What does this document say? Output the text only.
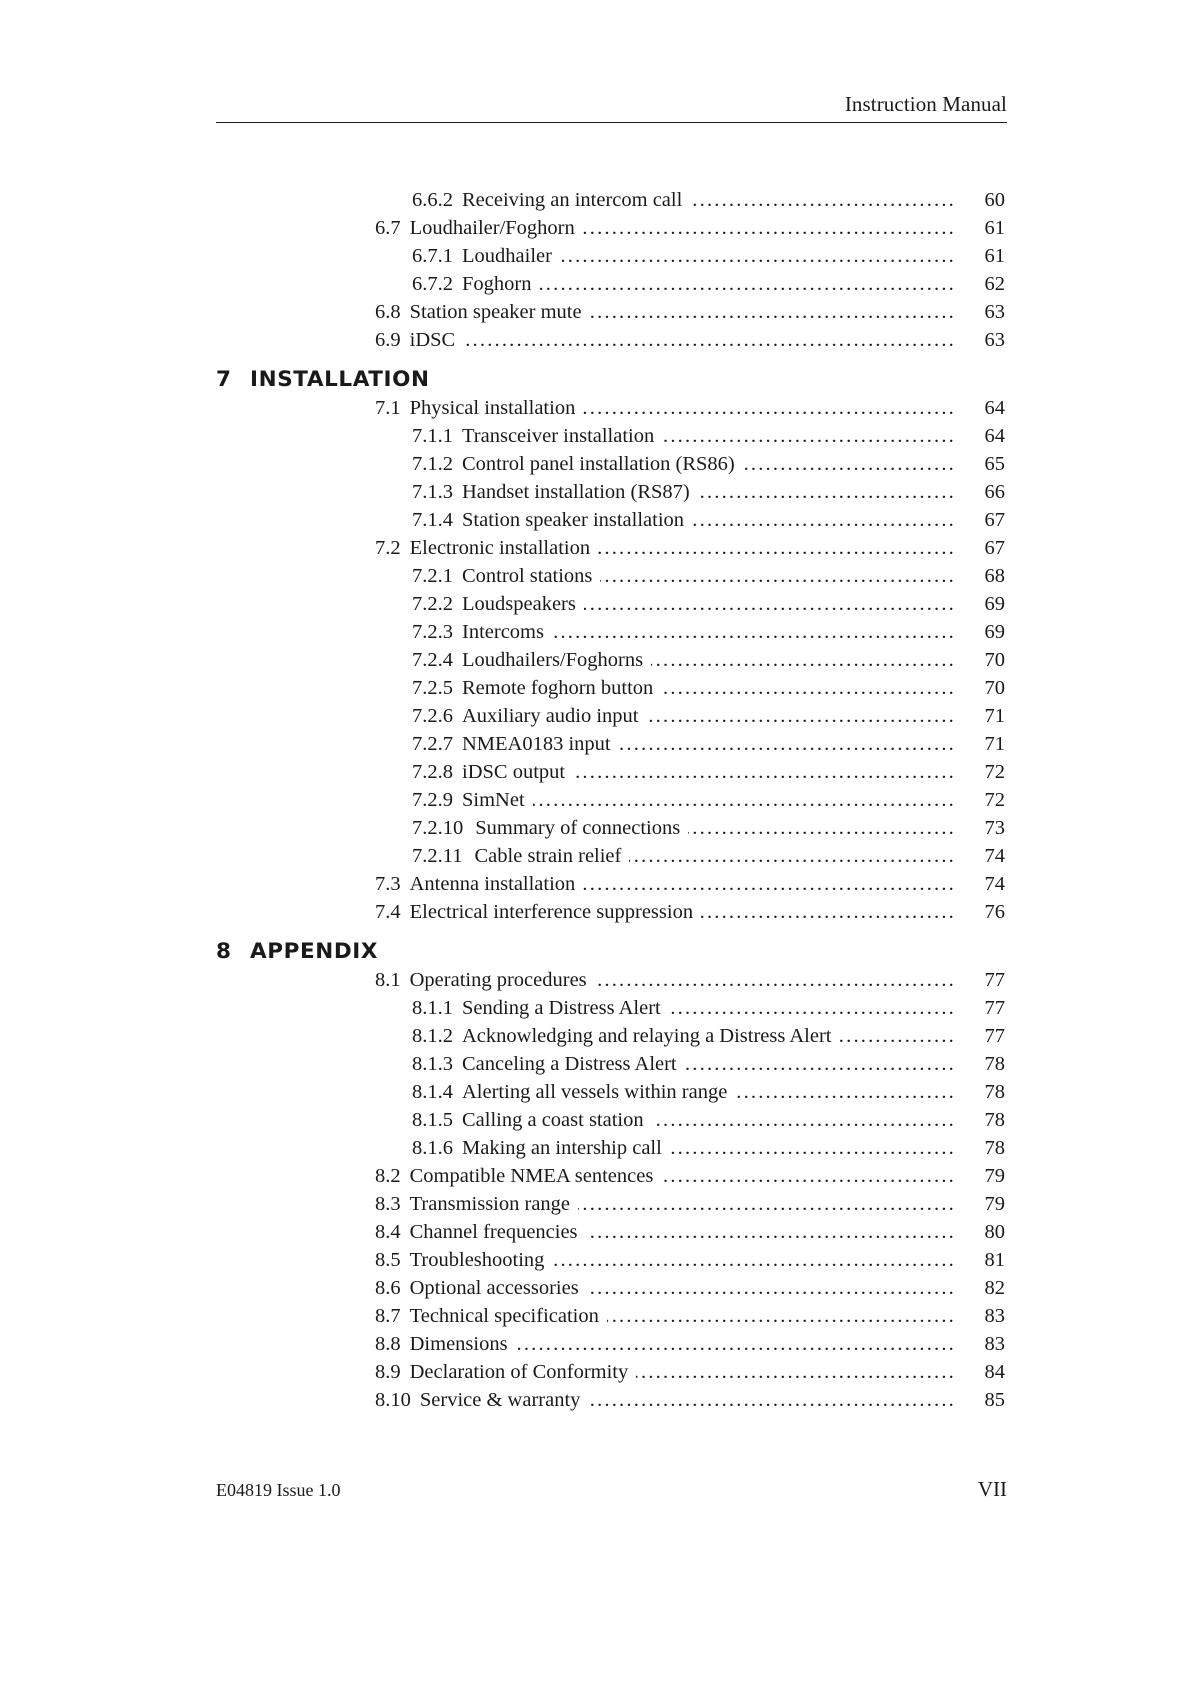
Instruction Manual
.....
6.6.2 Receiving an intercom call	60
.....
6.7 Loudhailer/Foghorn	61
.....
6.7.1 Loudhailer	61
.....
6.7.2 Foghorn	62
.....
6.8 Station speaker mute	63
.....
6.9 iDSC	63
7 INSTALLATION
.....
7.1 Physical installation	64
.....
7.1.1 Transceiver installation	64
.....
7.1.2 Control panel installation (RS86)	65
.....
7.1.3 Handset installation (RS87)	66
.....
7.1.4 Station speaker installation	67
.....
7.2 Electronic installation	67
.....
7.2.1 Control stations	68
.....
7.2.2 Loudspeakers	69
.....
7.2.3 Intercoms	69
.....
7.2.4 Loudhailers/Foghorns	70
.....
7.2.5 Remote foghorn button	70
.....
7.2.6 Auxiliary audio input	71
.....
7.2.7 NMEA0183 input	71
.....
7.2.8 iDSC output	72
.....
7.2.9 SimNet	72
.....
7.2.10 Summary of connections	73
.....
7.2.11 Cable strain relief	74
.....
7.3 Antenna installation	74
.....
7.4 Electrical interference suppression	76
8 APPENDIX
.....
8.1 Operating procedures	77
.....
8.1.1 Sending a Distress Alert	77
.....
8.1.2 Acknowledging and relaying a Distress Alert	77
.....
8.1.3 Canceling a Distress Alert	78
.....
8.1.4 Alerting all vessels within range	78
.....
8.1.5 Calling a coast station	78
.....
8.1.6 Making an intership call	78
.....
8.2 Compatible NMEA sentences	79
.....
8.3 Transmission range	79
.....
8.4 Channel frequencies	80
.....
8.5 Troubleshooting	81
.....
8.6 Optional accessories	82
.....
8.7 Technical specification	83
.....
8.8 Dimensions	83
.....
8.9 Declaration of Conformity	84
.....
8.10 Service & warranty	85
E04819 Issue 1.0	VII
